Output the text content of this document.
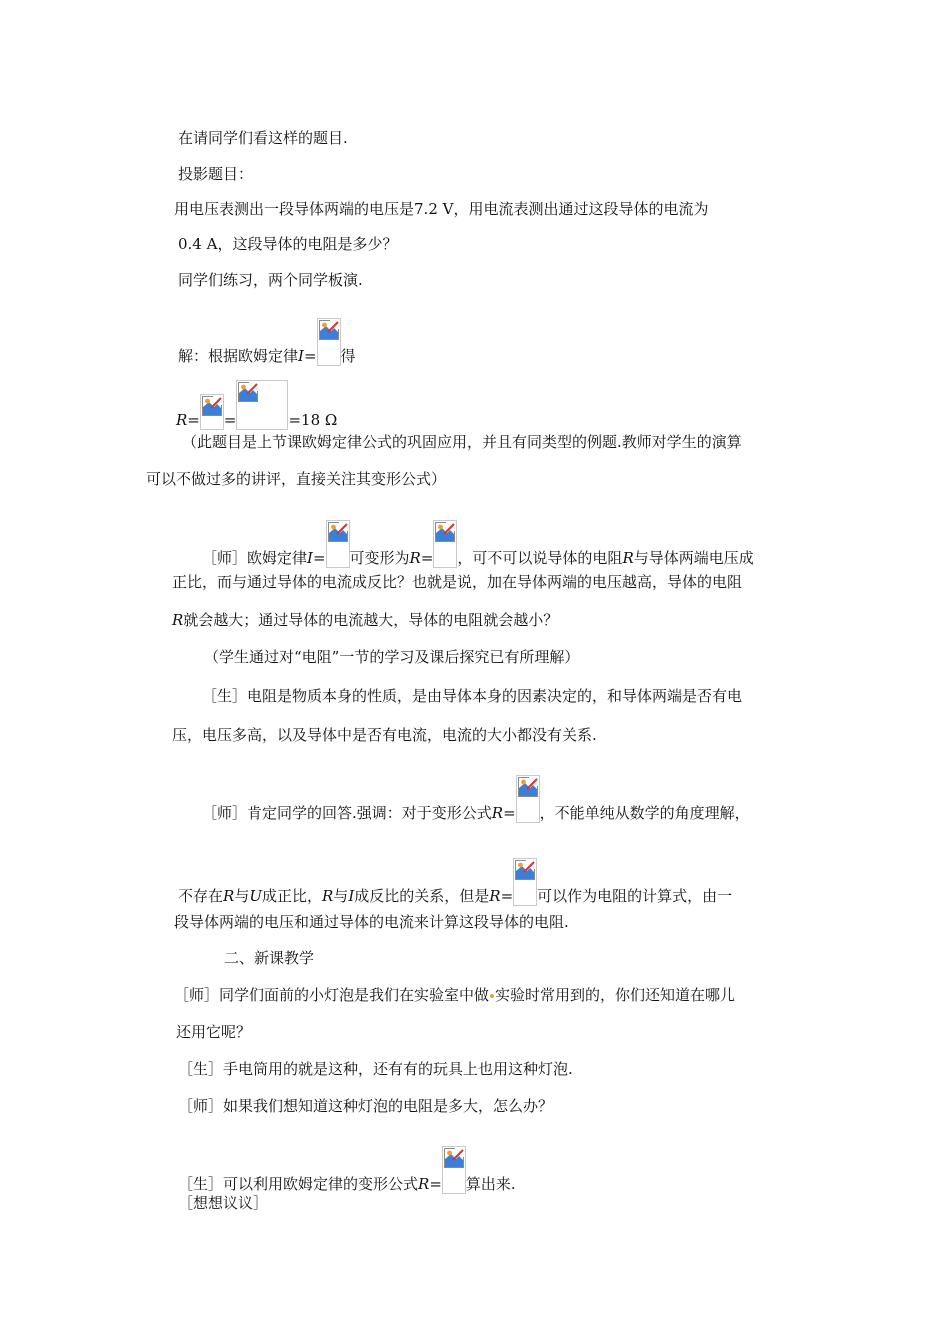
在请同学们看这样的题目.
投影题目：
用电压表测出一段导体两端的电压是7.2 V，用电流表测出通过这段导体的电流为
0.4 A，这段导体的电阻是多少？
同学们练习，两个同学板演.
解：根据欧姆定律I= 得
R= =	=18 Ω
（此题目是上节课欧姆定律公式的巩固应用，并且有同类型的例题.教师对学生的演算
可以不做过多的讲评，直接关注其变形公式）
［师］欧姆定律I= 可变形为R= ，可不可以说导体的电阻R与导体两端电压成
正比，而与通过导体的电流成反比？也就是说，加在导体两端的电压越高，导体的电阻
R就会越大；通过导体的电流越大，导体的电阻就会越小？
（学生通过对“电阻”一节的学习及课后探究已有所理解）
［生］电阻是物质本身的性质，是由导体本身的因素决定的，和导体两端是否有电
压，电压多高，以及导体中是否有电流，电流的大小都没有关系.
［师］肯定同学的回答.强调：对于变形公式R= ，不能单纯从数学的角度理解，
不存在R与U成正比，R与I成反比的关系，但是R= 可以作为电阻的计算式，由一
段导体两端的电压和通过导体的电流来计算这段导体的电阻.
二、新课教学
［师］同学们面前的小灯泡是我们在实验室中做 实验时常用到的，你们还知道在哪儿
还用它呢？
［生］手电筒用的就是这种，还有有的玩具上也用这种灯泡.
［师］如果我们想知道这种灯泡的电阻是多大，怎么办？
［生］可以利用欧姆定律的变形公式R= 算出来.
［想想议议］
